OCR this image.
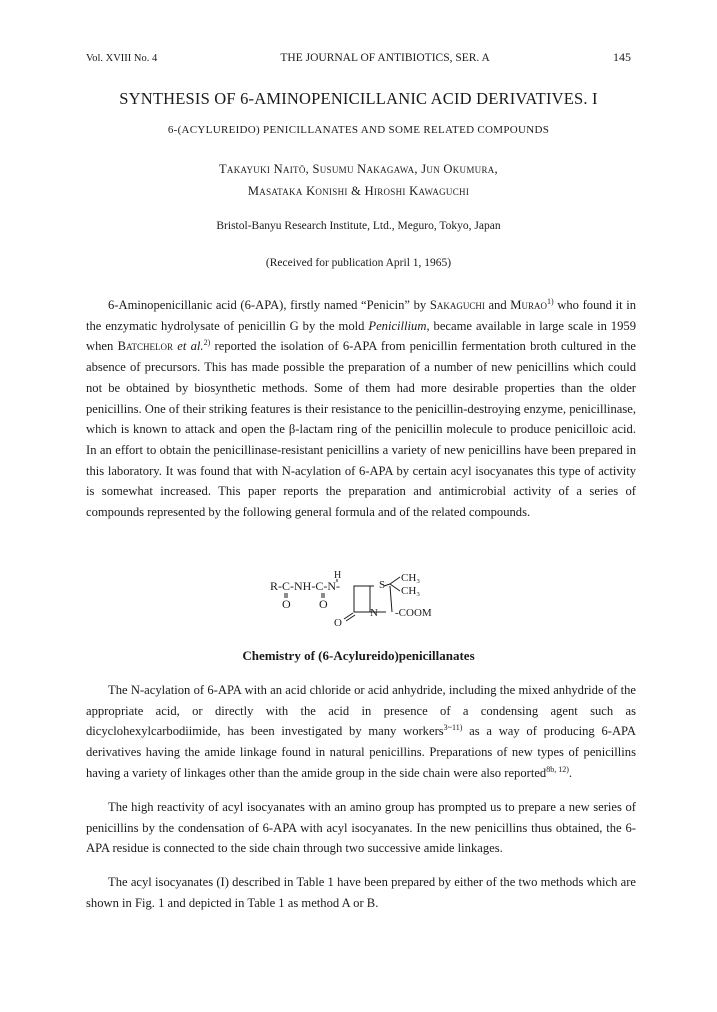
Vol. XVIII No. 4	THE JOURNAL OF ANTIBIOTICS, SER. A	145
SYNTHESIS OF 6-AMINOPENICILLANIC ACID DERIVATIVES. I
6-(ACYLUREIDO) PENICILLANATES AND SOME RELATED COMPOUNDS
Takayuki Naitō, Susumu Nakagawa, Jun Okumura,
Masataka Konishi & Hiroshi Kawaguchi
Bristol-Banyu Research Institute, Ltd., Meguro, Tokyo, Japan
(Received for publication April 1, 1965)
6-Aminopenicillanic acid (6-APA), firstly named “Penicin” by Sakaguchi and Murao$^{1)}$ who found it in the enzymatic hydrolysate of penicillin G by the mold Penicillium, became available in large scale in 1959 when Batchelor et al.$^{2)}$ reported the isolation of 6-APA from penicillin fermentation broth cultured in the absence of precursors. This has made possible the preparation of a number of new penicillins which could not be obtained by biosynthetic methods. Some of them had more desirable properties than the older penicillins. One of their striking features is their resistance to the penicillin-destroying enzyme, penicillinase, which is known to attack and open the β-lactam ring of the penicillin molecule to produce penicilloic acid. In an effort to obtain the penicillinase-resistant penicillins a variety of new penicillins have been prepared in this laboratory. It was found that with N-acylation of 6-APA by certain acyl isocyanates this type of activity is somewhat increased. This paper reports the preparation and antimicrobial activity of a series of compounds represented by the following general formula and of the related compounds.
R-C-NH-C-N-
H
O O
O
S
CH₃
CH₃
N -COOM
Chemistry of (6-Acylureido)penicillanates
The N-acylation of 6-APA with an acid chloride or acid anhydride, including the mixed anhydride of the appropriate acid, or directly with the acid in presence of a condensing agent such as dicyclohexylcarbodiimide, has been investigated by many workers$^{3\sim 11)}$ as a way of producing 6-APA derivatives having the amide linkage found in natural penicillins. Preparations of new types of penicillins having a variety of linkages other than the amide group in the side chain were also reported$^{8b, 12)}$.
The high reactivity of acyl isocyanates with an amino group has prompted us to prepare a new series of penicillins by the condensation of 6-APA with acyl isocyanates. In the new penicillins thus obtained, the 6-APA residue is connected to the side chain through two successive amide linkages.
The acyl isocyanates (I) described in Table 1 have been prepared by either of the two methods which are shown in Fig. 1 and depicted in Table 1 as method A or B.
